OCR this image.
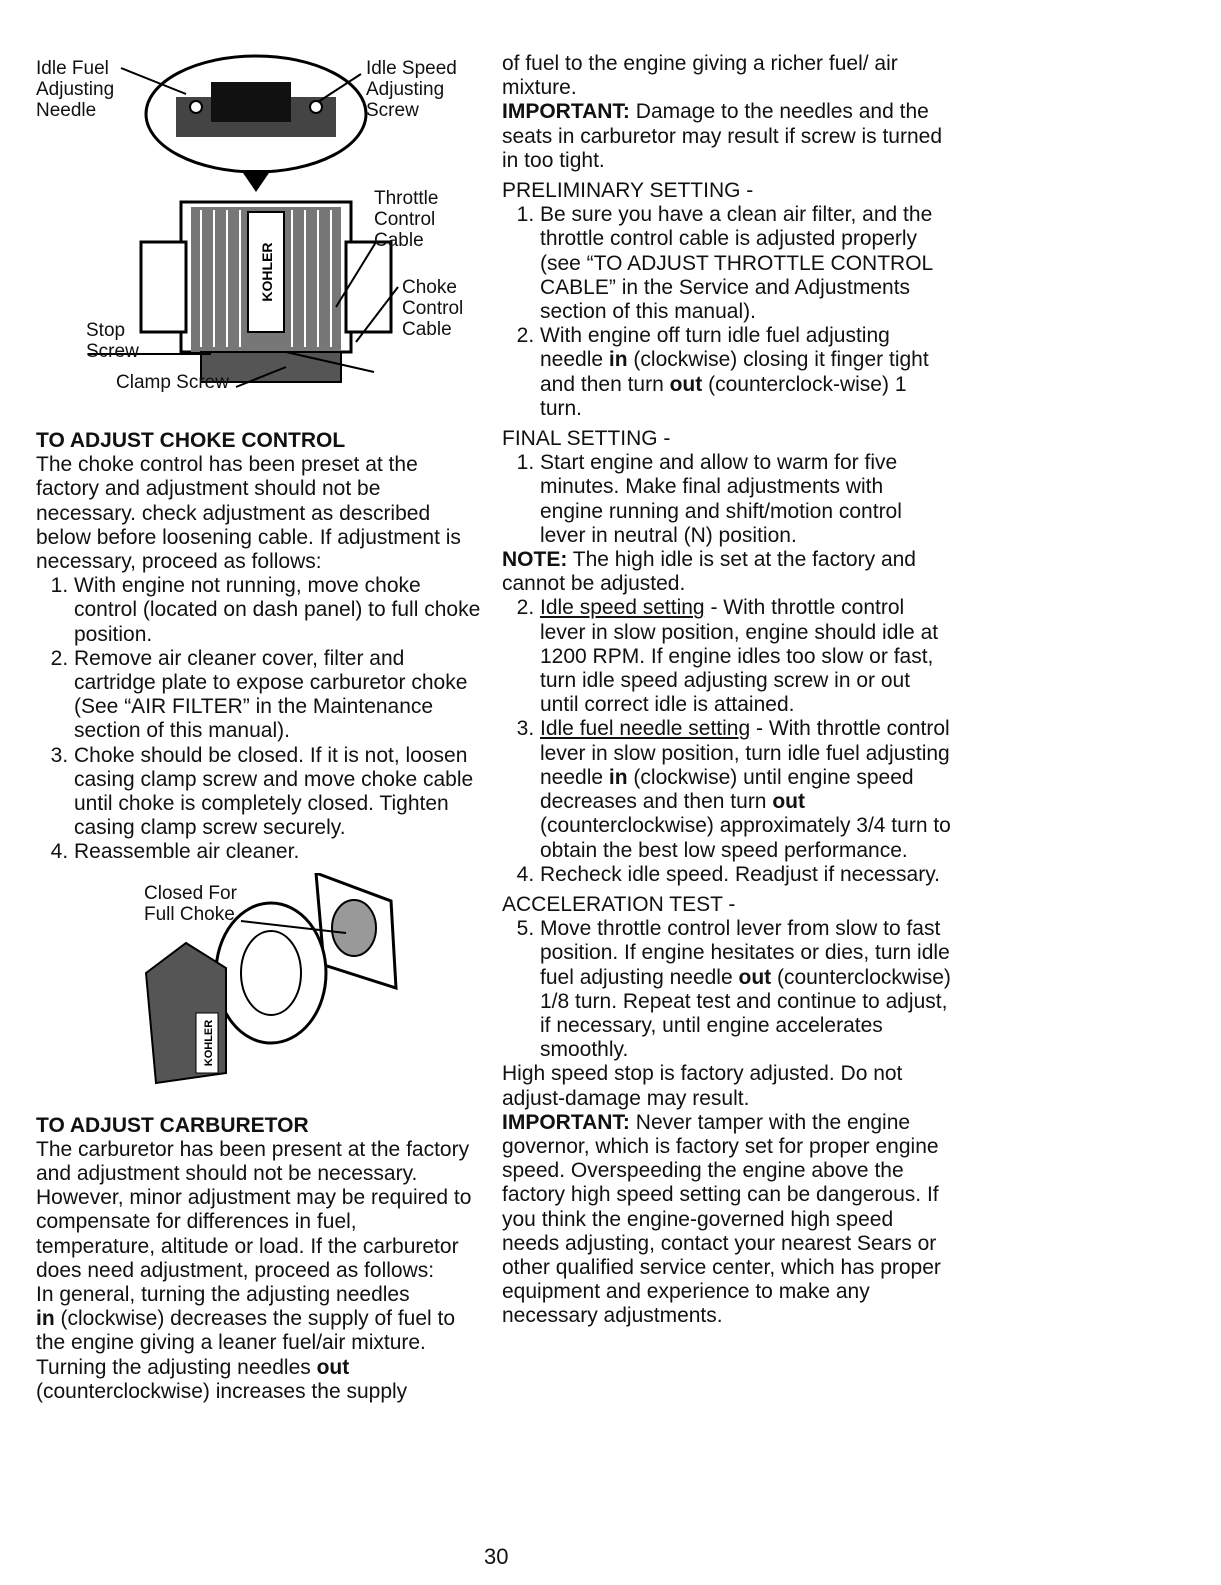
KOHLER
Idle Fuel
Adjusting
Needle
Idle Speed
Adjusting
Screw
Throttle
Control
Cable
Choke
Control
Cable
Stop
Screw
Clamp Screw

TO ADJUST CHOKE CONTROL

The choke control has been preset at the factory and adjustment should not be necessary. check adjustment as described below before loosening cable. If adjustment is necessary, proceed as follows:

1. With engine not running, move choke control (located on dash panel) to full choke position.
2. Remove air cleaner cover, filter and cartridge plate to expose carburetor choke (See “AIR FILTER” in the Maintenance section of this manual).
3. Choke should be closed. If it is not, loosen casing clamp screw and move choke cable until choke is completely closed. Tighten casing clamp screw securely.
4. Reassemble air cleaner.
KOHLER
Closed For
Full Choke

TO ADJUST CARBURETOR

The carburetor has been present at the factory and adjustment should not be necessary. However, minor adjustment may be required to compensate for differences in fuel, temperature, altitude or load. If the carburetor does need adjustment, proceed as follows:

In general, turning the adjusting needles
in (clockwise) decreases the supply of fuel to the engine giving a leaner fuel/air mixture. Turning the adjusting needles out (counterclockwise) increases the supply

of fuel to the engine giving a richer fuel/ air mixture.

IMPORTANT: Damage to the needles and the seats in carburetor may result if screw is turned in too tight.

PRELIMINARY SETTING -

1. Be sure you have a clean air filter, and the throttle control cable is adjusted properly (see “TO ADJUST THROTTLE CONTROL CABLE” in the Service and Adjustments section of this manual).
2. With engine off turn idle fuel adjusting needle in (clockwise) closing it finger tight and then turn out (counterclock-wise) 1 turn.

FINAL SETTING -

1. Start engine and allow to warm for five minutes. Make final adjustments with engine running and shift/motion control lever in neutral (N) position.

NOTE: The high idle is set at the factory and cannot be adjusted.

2. Idle speed setting - With throttle control lever in slow position, engine should idle at 1200 RPM. If engine idles too slow or fast, turn idle speed adjusting screw in or out until correct idle is attained.
3. Idle fuel needle setting - With throttle control lever in slow position, turn idle fuel adjusting needle in (clockwise) until engine speed decreases and then turn out (counterclockwise) approximately 3/4 turn to obtain the best low speed performance.
4. Recheck idle speed. Readjust if necessary.

ACCELERATION TEST -

5. Move throttle control lever from slow to fast position. If engine hesitates or dies, turn idle fuel adjusting needle out (counterclockwise) 1/8 turn. Repeat test and continue to adjust, if necessary, until engine accelerates smoothly.

High speed stop is factory adjusted. Do not adjust-damage may result.

IMPORTANT: Never tamper with the engine governor, which is factory set for proper engine speed. Overspeeding the engine above the factory high speed setting can be dangerous. If you think the engine-governed high speed needs adjusting, contact your nearest Sears or other qualified service center, which has proper equipment and experience to make any necessary adjustments.

30
